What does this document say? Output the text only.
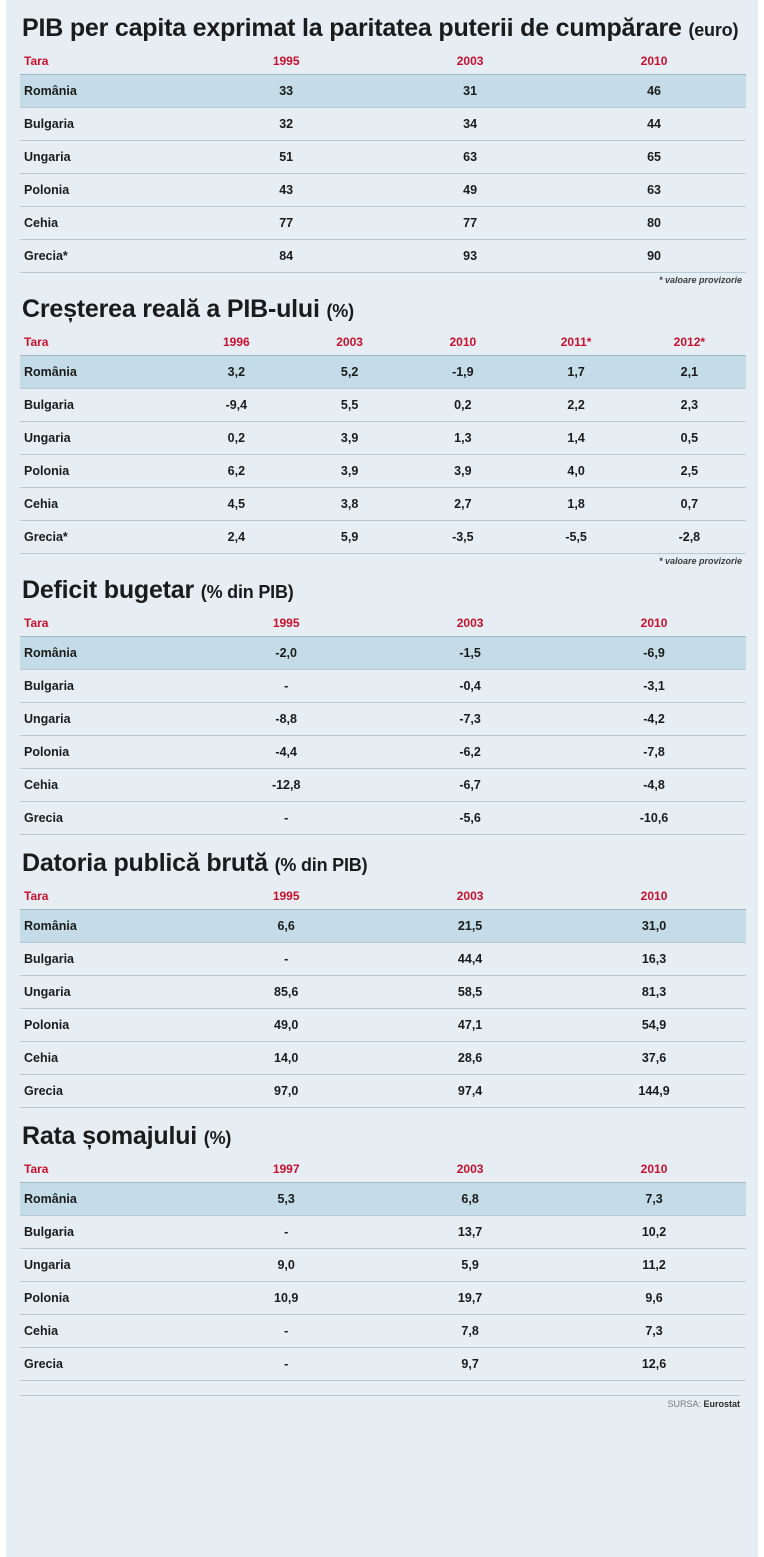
PIB per capita exprimat la paritatea puterii de cumpărare (euro)
Tara	1995	2003	2010
România	33	31	46
Bulgaria	32	34	44
Ungaria	51	63	65
Polonia	43	49	63
Cehia	77	77	80
Grecia*	84	93	90
* valoare provizorie
Creșterea reală a PIB-ului (%)
Tara	1996	2003	2010	2011*	2012*
România	3,2	5,2	-1,9	1,7	2,1
Bulgaria	-9,4	5,5	0,2	2,2	2,3
Ungaria	0,2	3,9	1,3	1,4	0,5
Polonia	6,2	3,9	3,9	4,0	2,5
Cehia	4,5	3,8	2,7	1,8	0,7
Grecia*	2,4	5,9	-3,5	-5,5	-2,8
* valoare provizorie
Deficit bugetar (% din PIB)
Tara	1995	2003	2010
România	-2,0	-1,5	-6,9
Bulgaria	-	-0,4	-3,1
Ungaria	-8,8	-7,3	-4,2
Polonia	-4,4	-6,2	-7,8
Cehia	-12,8	-6,7	-4,8
Grecia	-	-5,6	-10,6
Datoria publică brută (% din PIB)
Tara	1995	2003	2010
România	6,6	21,5	31,0
Bulgaria	-	44,4	16,3
Ungaria	85,6	58,5	81,3
Polonia	49,0	47,1	54,9
Cehia	14,0	28,6	37,6
Grecia	97,0	97,4	144,9
Rata șomajului (%)
Tara	1997	2003	2010
România	5,3	6,8	7,3
Bulgaria	-	13,7	10,2
Ungaria	9,0	5,9	11,2
Polonia	10,9	19,7	9,6
Cehia	-	7,8	7,3
Grecia	-	9,7	12,6
SURSA: Eurostat
